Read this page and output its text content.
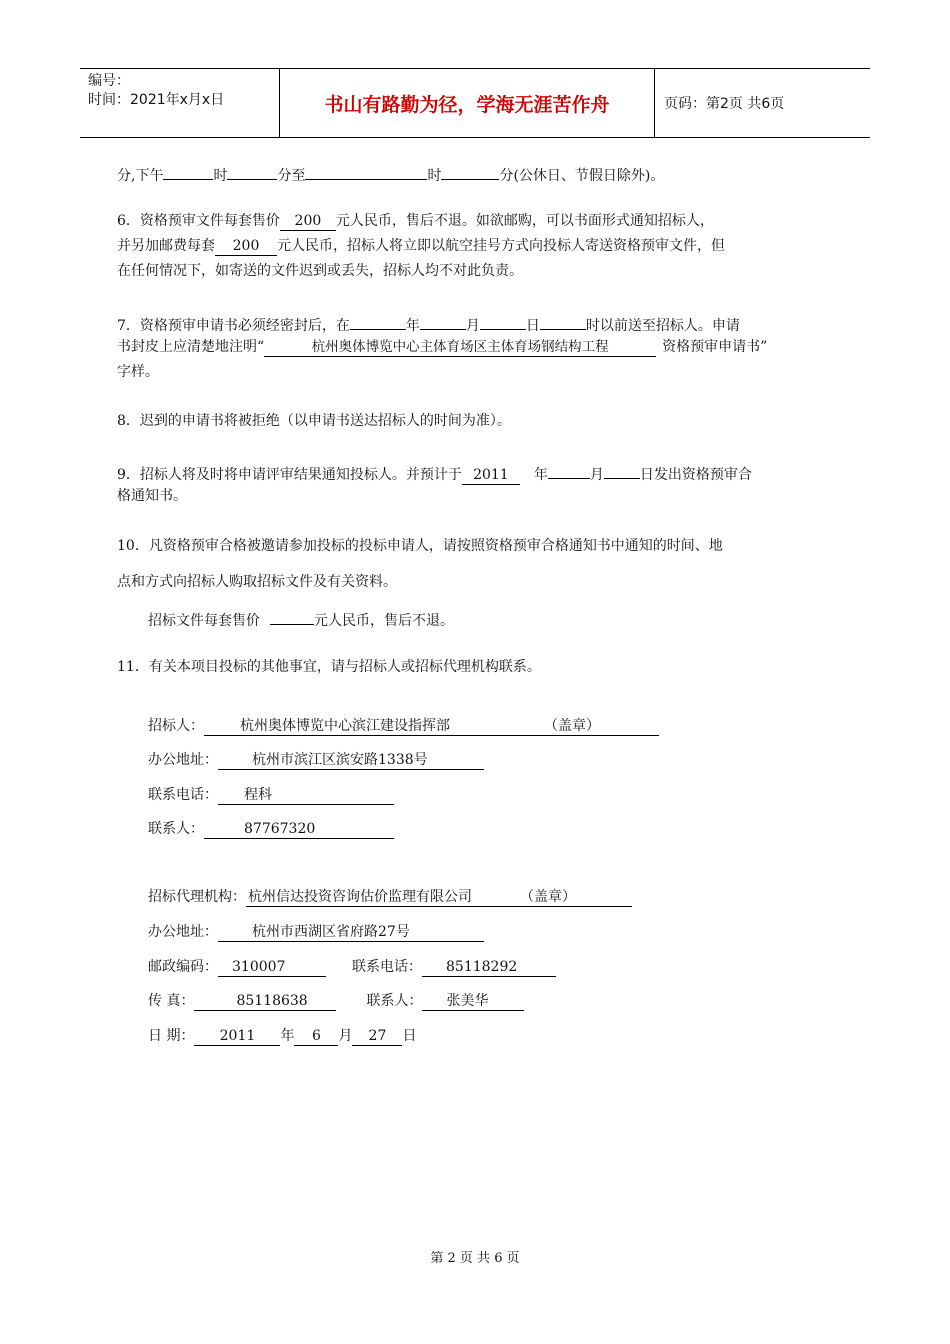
编号：
时间：2021年x月x日	书山有路勤为径，学海无涯苦作舟	页码：第2页 共6页
分,下午	时	分至	时	分(公休日、节假日除外)。
6．资格预审文件每套售价 200 元人民币，售后不退。如欲邮购，可以书面形式通知招标人，
并另加邮费每套 200 元人民币，招标人将立即以航空挂号方式向投标人寄送资格预审文件，但
在任何情况下，如寄送的文件迟到或丢失，招标人均不对此负责。
7．资格预审申请书必须经密封后，在	年	月	日	时以前送至招标人。申请
书封皮上应清楚地注明“	杭州奥体博览中心主体育场区主体育场钢结构工程	资格预审申请书”
字样。
8．迟到的申请书将被拒绝（以申请书送达招标人的时间为准）。
9．招标人将及时将申请评审结果通知投标人。并预计于 2011 年	月	日发出资格预审合
格通知书。
10．凡资格预审合格被邀请参加投标的投标申请人，请按照资格预审合格通知书中通知的时间、地
点和方式向招标人购取招标文件及有关资料。
招标文件每套售价	元人民币，售后不退。
11．有关本项目投标的其他事宜，请与招标人或招标代理机构联系。
招标人：	杭州奥体博览中心滨江建设指挥部	（盖章）
办公地址： 杭州市滨江区滨安路1338号
联系电话： 程科
联系人：	87767320
招标代理机构： 杭州信达投资咨询估价监理有限公司	（盖章）
办公地址： 杭州市西湖区省府路27号
邮政编码： 310007	联系电话： 85118292
传 真：	85118638	联系人： 张美华
日 期： 2011 年 6 月 27 日
第 2 页 共 6 页
